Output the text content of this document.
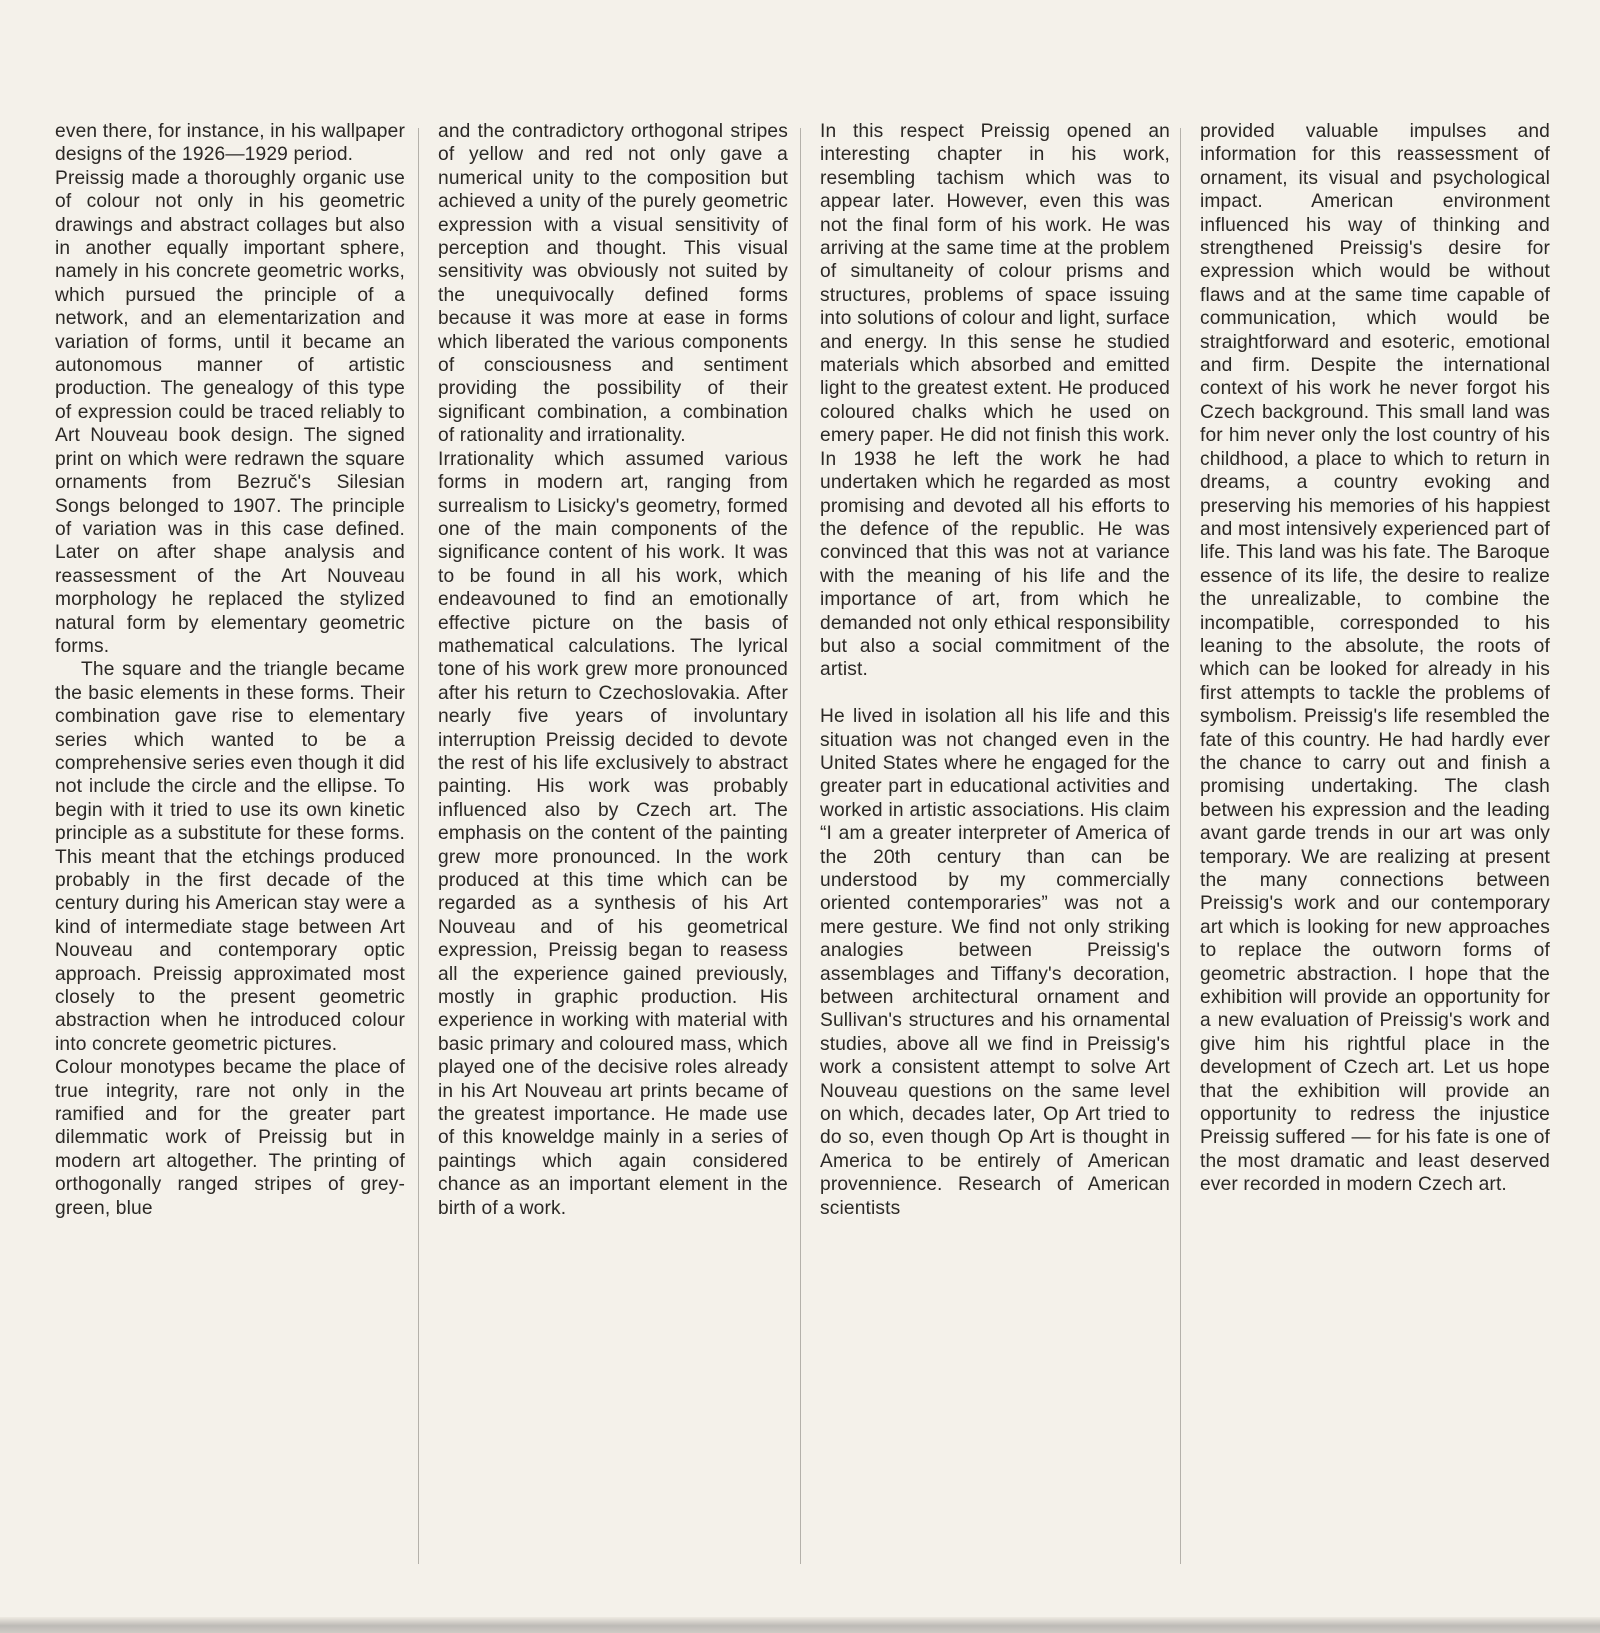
even there, for instance, in his wallpaper designs of the 1926—1929 period.

Preissig made a thoroughly organic use of colour not only in his geometric drawings and abstract collages but also in another equally important sphere, namely in his concrete geometric works, which pursued the principle of a network, and an elementarization and variation of forms, until it became an autonomous manner of artistic production. The genealogy of this type of expression could be traced reliably to Art Nouveau book design. The signed print on which were redrawn the square ornaments from Bezruč's Silesian Songs belonged to 1907. The principle of variation was in this case defined. Later on after shape analysis and reassessment of the Art Nouveau morphology he replaced the stylized natural form by elementary geometric forms.

The square and the triangle became the basic elements in these forms. Their combination gave rise to elementary series which wanted to be a comprehensive series even though it did not include the circle and the ellipse. To begin with it tried to use its own kinetic principle as a substitute for these forms. This meant that the etchings produced probably in the first decade of the century during his American stay were a kind of intermediate stage between Art Nouveau and contemporary optic approach. Preissig approximated most closely to the present geometric abstraction when he introduced colour into concrete geometric pictures.

Colour monotypes became the place of true integrity, rare not only in the ramified and for the greater part dilemmatic work of Preissig but in modern art altogether. The printing of orthogonally ranged stripes of grey-green, blue

and the contradictory orthogonal stripes of yellow and red not only gave a numerical unity to the composition but achieved a unity of the purely geometric expression with a visual sensitivity of perception and thought. This visual sensitivity was obviously not suited by the unequivocally defined forms because it was more at ease in forms which liberated the various components of consciousness and sentiment providing the possibility of their significant combination, a combination of rationality and irrationality.

Irrationality which assumed various forms in modern art, ranging from surrealism to Lisicky's geometry, formed one of the main components of the significance content of his work. It was to be found in all his work, which endeavouned to find an emotionally effective picture on the basis of mathematical calculations. The lyrical tone of his work grew more pronounced after his return to Czechoslovakia. After nearly five years of involuntary interruption Preissig decided to devote the rest of his life exclusively to abstract painting. His work was probably influenced also by Czech art. The emphasis on the content of the painting grew more pronounced. In the work produced at this time which can be regarded as a synthesis of his Art Nouveau and of his geometrical expression, Preissig began to reasess all the experience gained previously, mostly in graphic production. His experience in working with material with basic primary and coloured mass, which played one of the decisive roles already in his Art Nouveau art prints became of the greatest importance. He made use of this knoweldge mainly in a series of paintings which again considered chance as an important element in the birth of a work.

In this respect Preissig opened an interesting chapter in his work, resembling tachism which was to appear later. However, even this was not the final form of his work. He was arriving at the same time at the problem of simultaneity of colour prisms and structures, problems of space issuing into solutions of colour and light, surface and energy. In this sense he studied materials which absorbed and emitted light to the greatest extent. He produced coloured chalks which he used on emery paper. He did not finish this work. In 1938 he left the work he had undertaken which he regarded as most promising and devoted all his efforts to the defence of the republic. He was convinced that this was not at variance with the meaning of his life and the importance of art, from which he demanded not only ethical responsibility but also a social commitment of the artist.

He lived in isolation all his life and this situation was not changed even in the United States where he engaged for the greater part in educational activities and worked in artistic associations. His claim “I am a greater interpreter of America of the 20th century than can be understood by my commercially oriented contemporaries” was not a mere gesture. We find not only striking analogies between Preissig's assemblages and Tiffany's decoration, between architectural ornament and Sullivan's structures and his ornamental studies, above all we find in Preissig's work a consistent attempt to solve Art Nouveau questions on the same level on which, decades later, Op Art tried to do so, even though Op Art is thought in America to be entirely of American provennience. Research of American scientists

provided valuable impulses and information for this reassessment of ornament, its visual and psychological impact. American environment influenced his way of thinking and strengthened Preissig's desire for expression which would be without flaws and at the same time capable of communication, which would be straightforward and esoteric, emotional and firm. Despite the international context of his work he never forgot his Czech background. This small land was for him never only the lost country of his childhood, a place to which to return in dreams, a country evoking and preserving his memories of his happiest and most intensively experienced part of life. This land was his fate. The Baroque essence of its life, the desire to realize the unrealizable, to combine the incompatible, corresponded to his leaning to the absolute, the roots of which can be looked for already in his first attempts to tackle the problems of symbolism. Preissig's life resembled the fate of this country. He had hardly ever the chance to carry out and finish a promising undertaking. The clash between his expression and the leading avant garde trends in our art was only temporary. We are realizing at present the many connections between Preissig's work and our contemporary art which is looking for new approaches to replace the outworn forms of geometric abstraction. I hope that the exhibition will provide an opportunity for a new evaluation of Preissig's work and give him his rightful place in the development of Czech art. Let us hope that the exhibition will provide an opportunity to redress the injustice Preissig suffered — for his fate is one of the most dramatic and least deserved ever recorded in modern Czech art.
